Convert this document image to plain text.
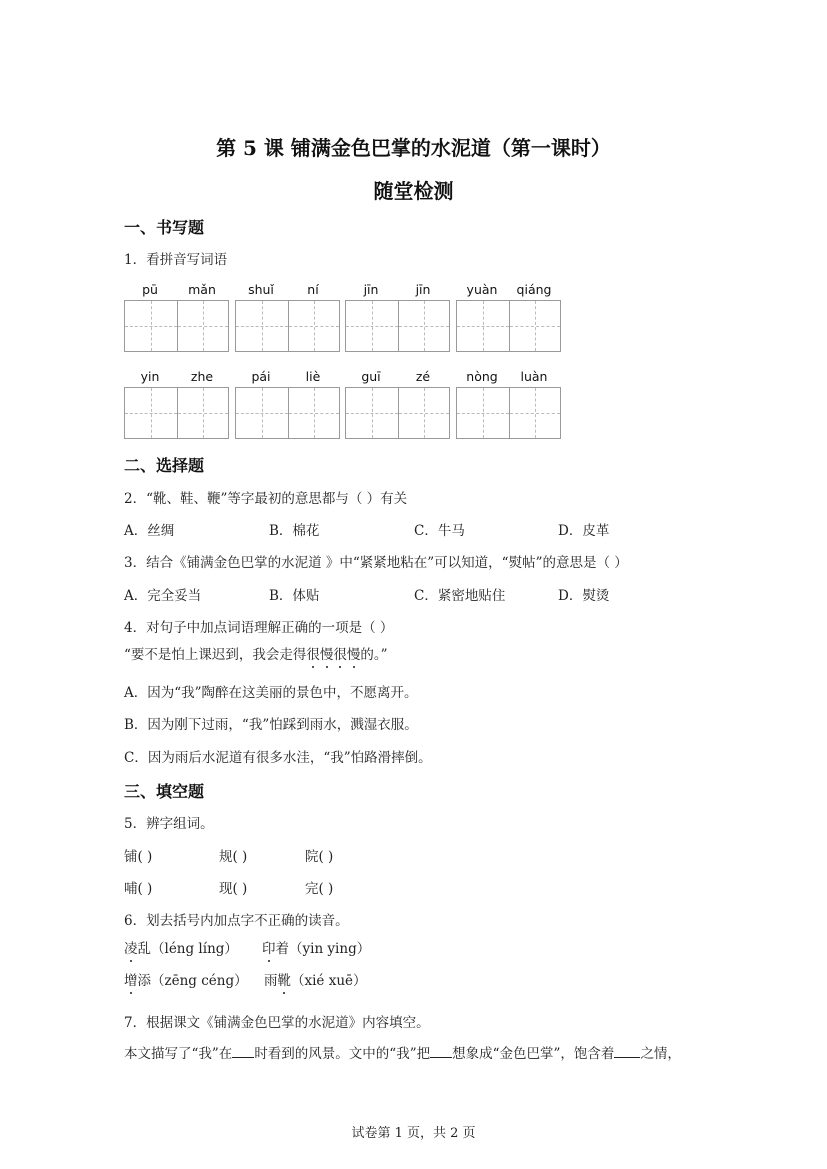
第 5 课 铺满金色巴掌的水泥道（第一课时）
随堂检测
一、书写题
1．看拼音写词语
pū	mǎn	shuǐ	ní	jīn	jīn	yuàn	qiáng
yin	zhe	pái	liè	guī	zé	nòng	luàn
二、选择题
2．“靴、鞋、鞭”等字最初的意思都与（ ）有关
A．丝绸	B．棉花	C．牛马	D．皮革
3．结合《铺满金色巴掌的水泥道 》中“紧紧地粘在”可以知道，“熨帖”的意思是（ ）
A．完全妥当	B．体贴	C．紧密地贴住	D．熨烫
4．对句子中加点词语理解正确的一项是（ ）
“要不是怕上课迟到，我会走得很慢很慢的。”
A．因为“我”陶醉在这美丽的景色中，不愿离开。
B．因为刚下过雨，“我”怕踩到雨水，溅湿衣服。
C．因为雨后水泥道有很多水洼，“我”怕路滑摔倒。
三、填空题
5．辨字组词。
铺( )	规( )	院( )
哺( )	现( )	完( )
6．划去括号内加点字不正确的读音。
凌乱（léng líng） 印着（yin ying）
增添（zēng céng） 雨靴（xié xuē）
7．根据课文《铺满金色巴掌的水泥道》内容填空。
本文描写了“我”在 时看到的风景。文中的“我”把 想象成“金色巴掌”，饱含着 之情，
试卷第 1 页，共 2 页
